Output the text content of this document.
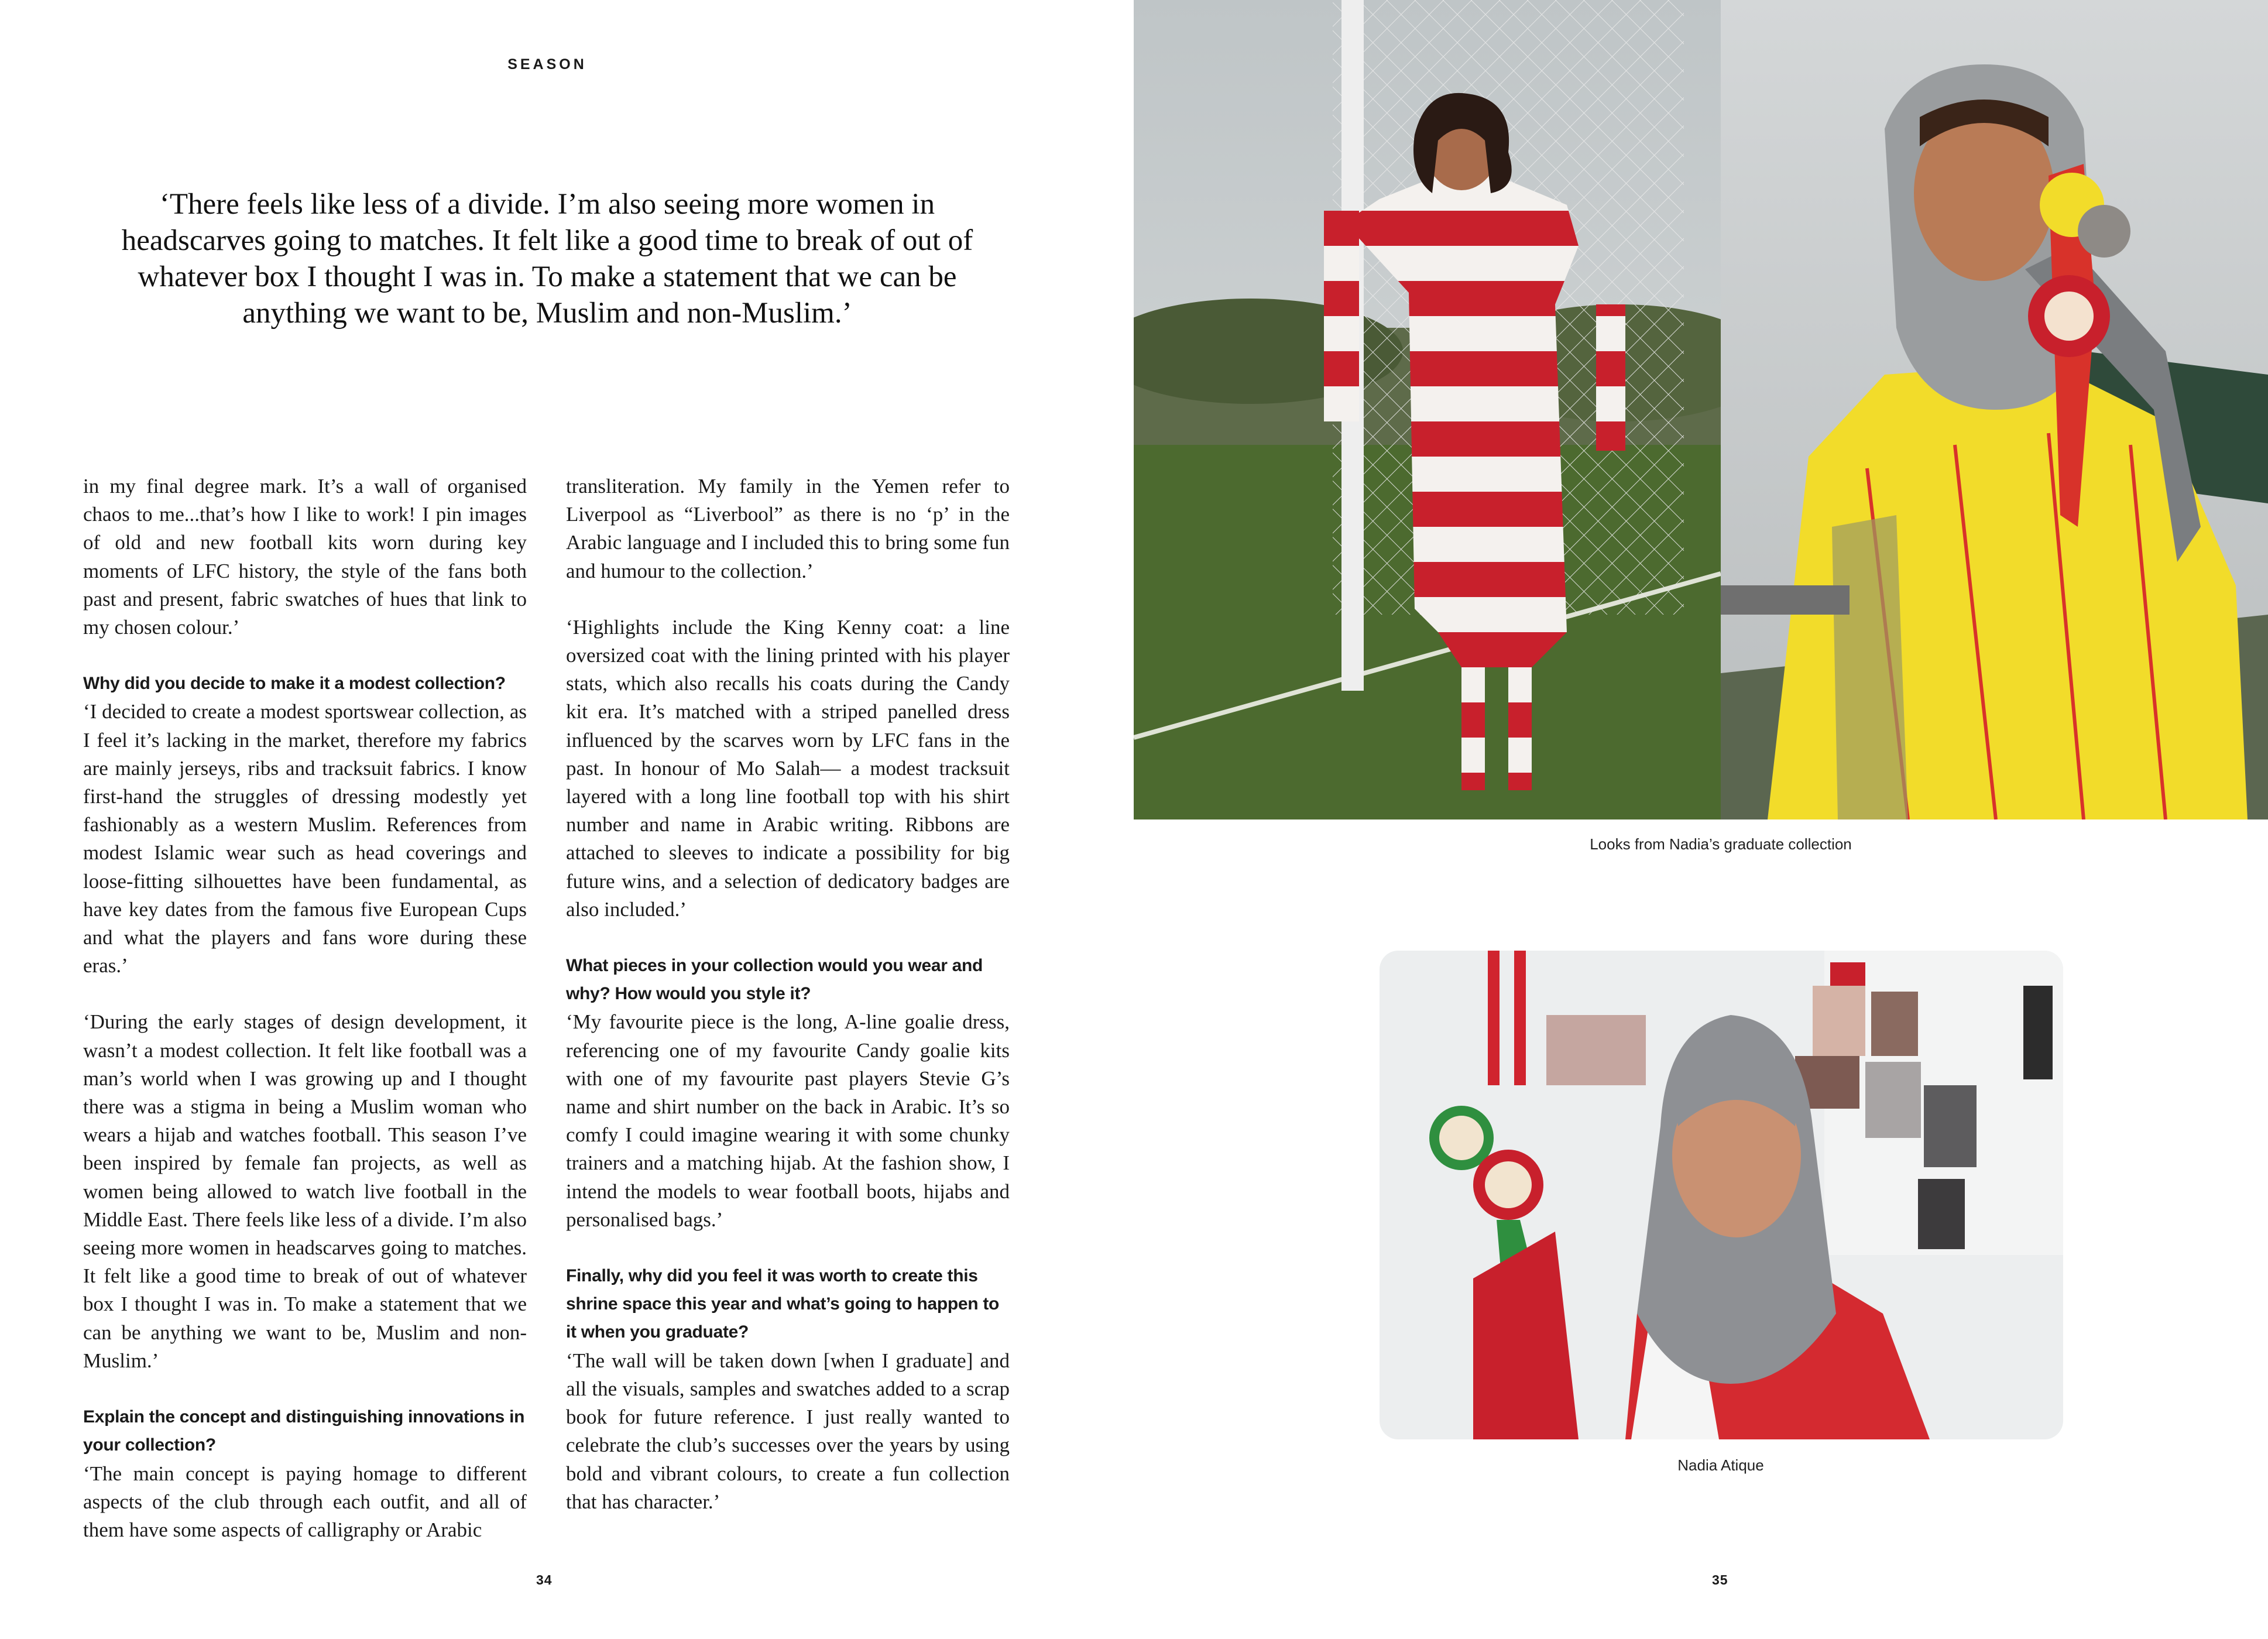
SEASON
‘There feels like less of a divide. I’m also seeing more women in headscarves going to matches. It felt like a good time to break of out of whatever box I thought I was in. To make a statement that we can be anything we want to be, Muslim and non-Muslim.’

in my final degree mark. It’s a wall of organised chaos to me...that’s how I like to work! I pin images of old and new football kits worn during key moments of LFC history, the style of the fans both past and present, fabric swatches of hues that link to my chosen colour.’

Why did you decide to make it a modest collection?

‘I decided to create a modest sportswear collection, as I feel it’s lacking in the market, therefore my fabrics are mainly jerseys, ribs and tracksuit fabrics. I know first-hand the struggles of dressing modestly yet fashionably as a western Muslim. References from modest Islamic wear such as head coverings and loose-fitting silhouettes have been fundamental, as have key dates from the famous five European Cups and what the players and fans wore during these eras.’

‘During the early stages of design development, it wasn’t a modest collection. It felt like football was a man’s world when I was growing up and I thought there was a stigma in being a Muslim woman who wears a hijab and watches football. This season I’ve been inspired by female fan projects, as well as women being allowed to watch live football in the Middle East. There feels like less of a divide. I’m also seeing more women in headscarves going to matches. It felt like a good time to break of out of whatever box I thought I was in. To make a statement that we can be anything we want to be, Muslim and non-Muslim.’

Explain the concept and distinguishing innovations in your collection?

‘The main concept is paying homage to different aspects of the club through each outfit, and all of them have some aspects of calligraphy or Arabic

transliteration. My family in the Yemen refer to Liverpool as “Liverbool” as there is no ‘p’ in the Arabic language and I included this to bring some fun and humour to the collection.’

‘Highlights include the King Kenny coat: a line oversized coat with the lining printed with his player stats, which also recalls his coats during the Candy kit era. It’s matched with a striped panelled dress influenced by the scarves worn by LFC fans in the past. In honour of Mo Salah— a modest tracksuit layered with a long line football top with his shirt number and name in Arabic writing. Ribbons are attached to sleeves to indicate a possibility for big future wins, and a selection of dedicatory badges are also included.’

What pieces in your collection would you wear and why? How would you style it?

‘My favourite piece is the long, A-line goalie dress, referencing one of my favourite Candy goalie kits with one of my favourite past players Stevie G’s name and shirt number on the back in Arabic. It’s so comfy I could imagine wearing it with some chunky trainers and a matching hijab. At the fashion show, I intend the models to wear football boots, hijabs and personalised bags.’

Finally, why did you feel it was worth to create this shrine space this year and what’s going to happen to it when you graduate?

‘The wall will be taken down [when I graduate] and all the visuals, samples and swatches added to a scrap book for future reference. I just really wanted to celebrate the club’s successes over the years by using bold and vibrant colours, to create a fun collection that has character.’

34
Looks from Nadia’s graduate collection
Nadia Atique
35
